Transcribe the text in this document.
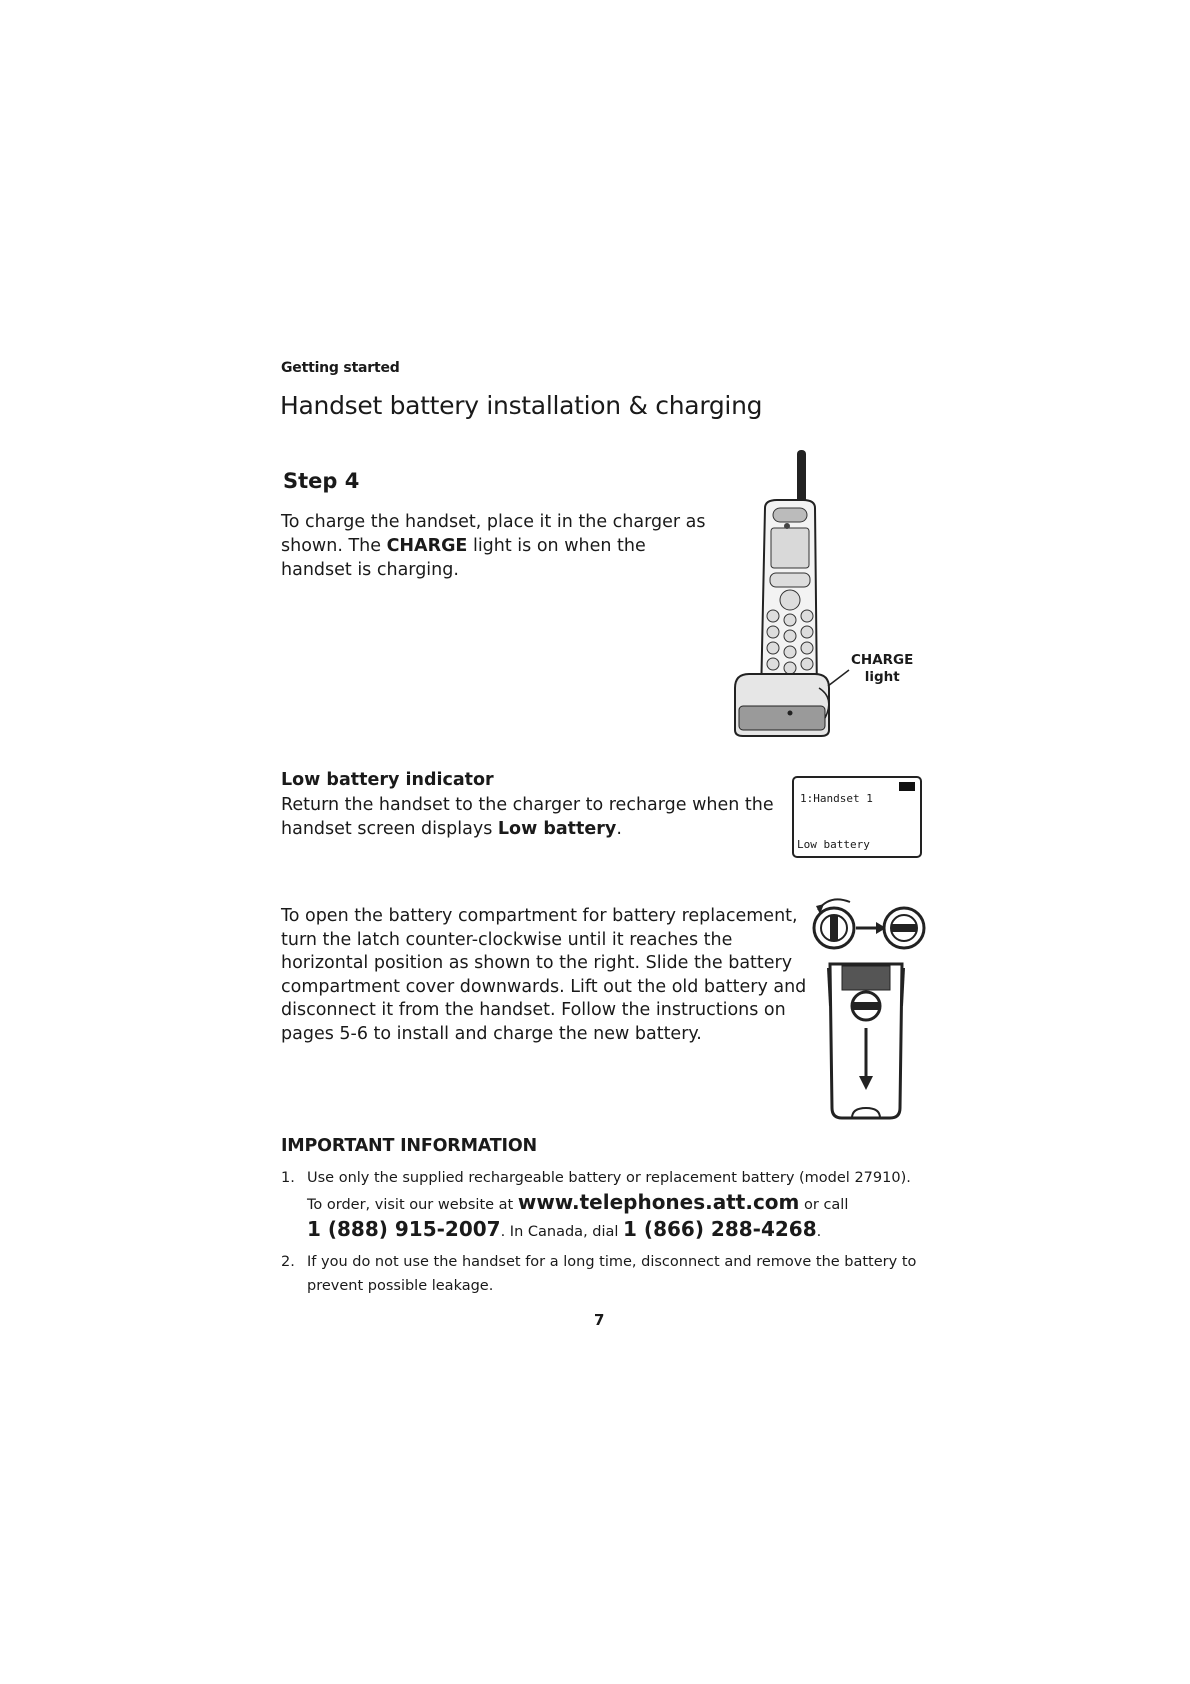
Getting started
Handset battery installation & charging
Step 4
To charge the handset, place it in the charger as shown. The CHARGE light is on when the handset is charging.
CHARGE
light
Low battery indicator
Return the handset to the charger to recharge when the handset screen displays Low battery.
1:Handset 1
Low battery
To open the battery compartment for battery replacement, turn the latch counter-clockwise until it reaches the horizontal position as shown to the right. Slide the battery compartment cover downwards. Lift out the old battery and disconnect it from the handset. Follow the instructions on pages 5-6 to install and charge the new battery.
IMPORTANT INFORMATION
1. Use only the supplied rechargeable battery or replacement battery (model 27910). To order, visit our website at www.telephones.att.com or call
1 (888) 915-2007. In Canada, dial 1 (866) 288-4268.
2. If you do not use the handset for a long time, disconnect and remove the battery to prevent possible leakage.
7
